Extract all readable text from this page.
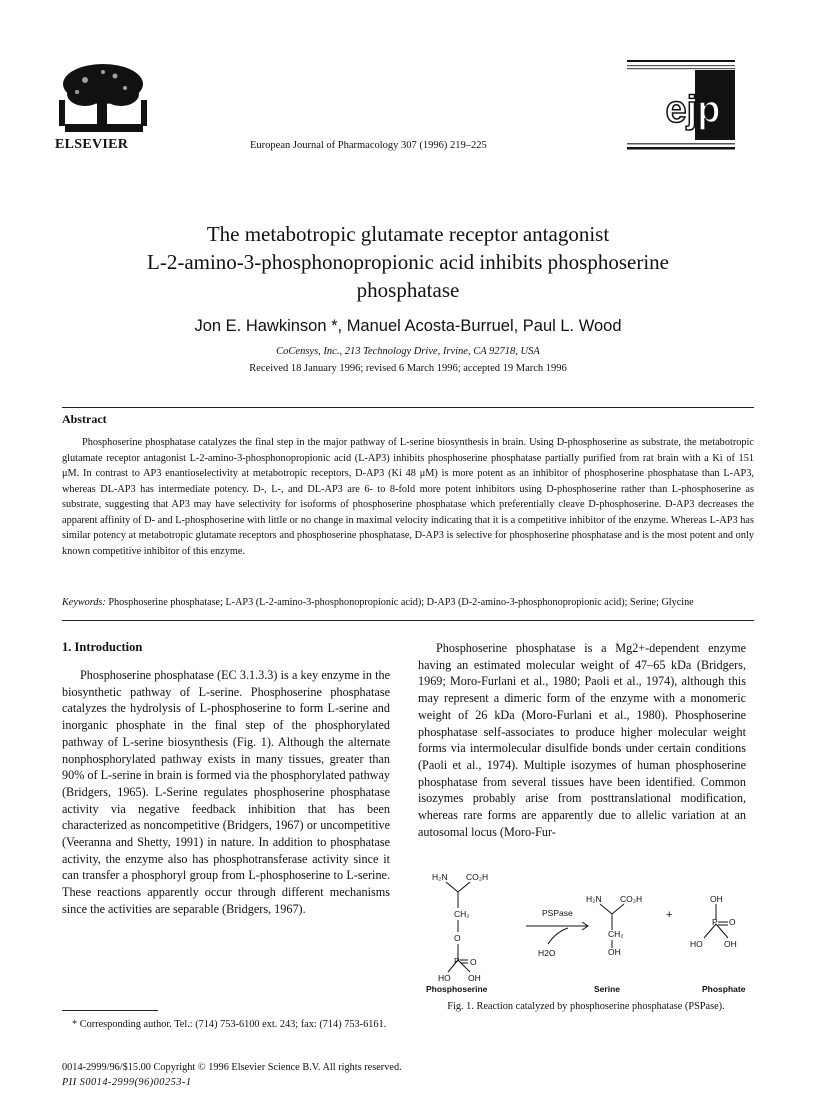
ELSEVIER	European Journal of Pharmacology 307 (1996) 219–225
ejp
The metabotropic glutamate receptor antagonist
L-2-amino-3-phosphonopropionic acid inhibits phosphoserine
phosphatase
Jon E. Hawkinson *, Manuel Acosta-Burruel, Paul L. Wood
CoCensys, Inc., 213 Technology Drive, Irvine, CA 92718, USA
Received 18 January 1996; revised 6 March 1996; accepted 19 March 1996
Abstract

Phosphoserine phosphatase catalyzes the final step in the major pathway of L-serine biosynthesis in brain. Using D-phosphoserine as substrate, the metabotropic glutamate receptor antagonist L-2-amino-3-phosphonopropionic acid (L-AP3) inhibits phosphoserine phosphatase partially purified from rat brain with a Ki of 151 μM. In contrast to AP3 enantioselectivity at metabotropic receptors, D-AP3 (Ki 48 μM) is more potent as an inhibitor of phosphoserine phosphatase than L-AP3, whereas DL-AP3 has intermediate potency. D-, L-, and DL-AP3 are 6- to 8-fold more potent inhibitors using D-phosphoserine rather than L-phosphoserine as substrate, suggesting that AP3 may have selectivity for isoforms of phosphoserine phosphatase which preferentially cleave D-phosphoserine. D-AP3 decreases the apparent affinity of D- and L-phosphoserine with little or no change in maximal velocity indicating that it is a competitive inhibitor of the enzyme. Whereas L-AP3 has similar potency at metabotropic glutamate receptors and phosphoserine phosphatase, D-AP3 is selective for phosphoserine phosphatase and is the most potent and only known competitive inhibitor of this enzyme.

Keywords: Phosphoserine phosphatase; L-AP3 (L-2-amino-3-phosphonopropionic acid); D-AP3 (D-2-amino-3-phosphonopropionic acid); Serine; Glycine
1. Introduction

Phosphoserine phosphatase (EC 3.1.3.3) is a key enzyme in the biosynthetic pathway of L-serine. Phosphoserine phosphatase catalyzes the hydrolysis of L-phosphoserine to form L-serine and inorganic phosphate in the final step of the phosphorylated pathway of L-serine biosynthesis (Fig. 1). Although the alternate nonphosphorylated pathway exists in many tissues, greater than 90% of L-serine in brain is formed via the phosphorylated pathway (Bridgers, 1965). L-Serine regulates phosphoserine phosphatase activity via negative feedback inhibition that has been characterized as noncompetitive (Bridgers, 1967) or uncompetitive (Veeranna and Shetty, 1991) in nature. In addition to phosphatase activity, the enzyme also has phosphotransferase activity since it can transfer a phosphoryl group from L-phosphoserine to L-serine. These reactions apparently occur through different mechanisms since the activities are separable (Bridgers, 1967).

Phosphoserine phosphatase is a Mg2+-dependent enzyme having an estimated molecular weight of 47–65 kDa (Bridgers, 1969; Moro-Furlani et al., 1980; Paoli et al., 1974), although this may represent a dimeric form of the enzyme with a monomeric weight of 26 kDa (Moro-Furlani et al., 1980). Phosphoserine phosphatase self-associates to produce higher molecular weight forms via intermolecular disulfide bonds under certain conditions (Paoli et al., 1974). Multiple isozymes of human phosphoserine phosphatase from several tissues have been identified. Common isozymes probably arise from posttranslational modification, whereas rare forms are apparently due to allelic variation at an autosomal locus (Moro-Fur-

H₂N CO₂H
CH₂
O
P O
HO OH
PSPase
H2O
H₂N CO₂H
CH₂
OH
+
OH
P O
HO	OH
Phosphoserine	Serine	Phosphate
Fig. 1. Reaction catalyzed by phosphoserine phosphatase (PSPase).

* Corresponding author. Tel.: (714) 753-6100 ext. 243; fax: (714) 753-6161.

0014-2999/96/$15.00 Copyright © 1996 Elsevier Science B.V. All rights reserved.
PII S0014-2999(96)00253-1
